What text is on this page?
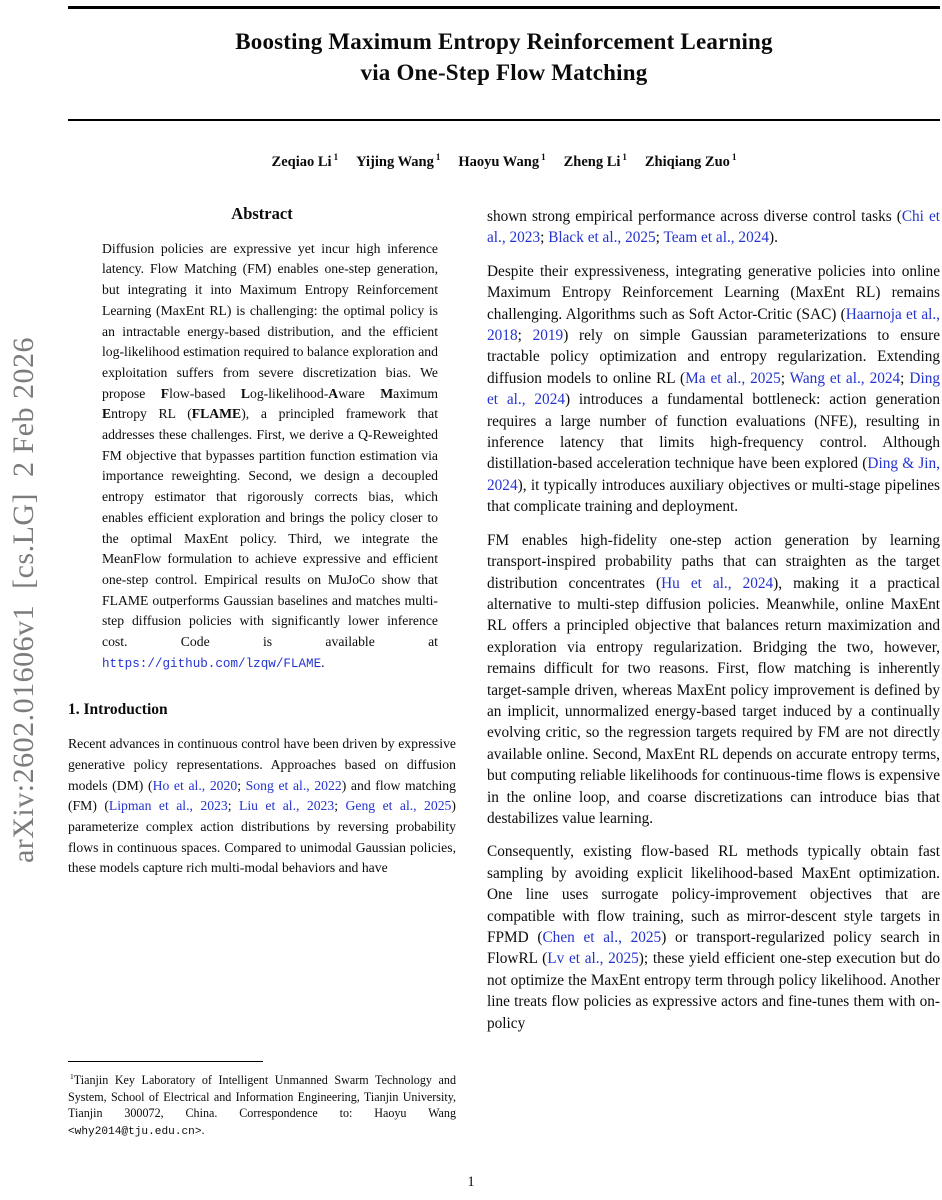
arXiv:2602.01606v1  [cs.LG]  2 Feb 2026
Boosting Maximum Entropy Reinforcement Learning
via One-Step Flow Matching
Zeqiao Li $^1$ Yijing Wang $^1$ Haoyu Wang $^1$ Zheng Li $^1$ Zhiqiang Zuo $^1$
Abstract
Diffusion policies are expressive yet incur high inference latency. Flow Matching (FM) enables one-step generation, but integrating it into Maximum Entropy Reinforcement Learning (MaxEnt RL) is challenging: the optimal policy is an intractable energy-based distribution, and the efficient log-likelihood estimation required to balance exploration and exploitation suffers from severe discretization bias. We propose Flow-based Log-likelihood-Aware Maximum Entropy RL (FLAME), a principled framework that addresses these challenges. First, we derive a Q-Reweighted FM objective that bypasses partition function estimation via importance reweighting. Second, we design a decoupled entropy estimator that rigorously corrects bias, which enables efficient exploration and brings the policy closer to the optimal MaxEnt policy. Third, we integrate the MeanFlow formulation to achieve expressive and efficient one-step control. Empirical results on MuJoCo show that FLAME outperforms Gaussian baselines and matches multi-step diffusion policies with significantly lower inference cost. Code is available at https://github.com/lzqw/FLAME.
1. Introduction

Recent advances in continuous control have been driven by expressive generative policy representations. Approaches based on diffusion models (DM) (Ho et al., 2020; Song et al., 2022) and flow matching (FM) (Lipman et al., 2023; Liu et al., 2023; Geng et al., 2025) parameterize complex action distributions by reversing probability flows in continuous spaces. Compared to unimodal Gaussian policies, these models capture rich multi-modal behaviors and have

shown strong empirical performance across diverse control tasks (Chi et al., 2023; Black et al., 2025; Team et al., 2024).

Despite their expressiveness, integrating generative policies into online Maximum Entropy Reinforcement Learning (MaxEnt RL) remains challenging. Algorithms such as Soft Actor-Critic (SAC) (Haarnoja et al., 2018; 2019) rely on simple Gaussian parameterizations to ensure tractable policy optimization and entropy regularization. Extending diffusion models to online RL (Ma et al., 2025; Wang et al., 2024; Ding et al., 2024) introduces a fundamental bottleneck: action generation requires a large number of function evaluations (NFE), resulting in inference latency that limits high-frequency control. Although distillation-based acceleration technique have been explored (Ding & Jin, 2024), it typically introduces auxiliary objectives or multi-stage pipelines that complicate training and deployment.

FM enables high-fidelity one-step action generation by learning transport-inspired probability paths that can straighten as the target distribution concentrates (Hu et al., 2024), making it a practical alternative to multi-step diffusion policies. Meanwhile, online MaxEnt RL offers a principled objective that balances return maximization and exploration via entropy regularization. Bridging the two, however, remains difficult for two reasons. First, flow matching is inherently target-sample driven, whereas MaxEnt policy improvement is defined by an implicit, unnormalized energy-based target induced by a continually evolving critic, so the regression targets required by FM are not directly available online. Second, MaxEnt RL depends on accurate entropy terms, but computing reliable likelihoods for continuous-time flows is expensive in the online loop, and coarse discretizations can introduce bias that destabilizes value learning.

Consequently, existing flow-based RL methods typically obtain fast sampling by avoiding explicit likelihood-based MaxEnt optimization. One line uses surrogate policy-improvement objectives that are compatible with flow training, such as mirror-descent style targets in FPMD (Chen et al., 2025) or transport-regularized policy search in FlowRL (Lv et al., 2025); these yield efficient one-step execution but do not optimize the MaxEnt entropy term through policy likelihood. Another line treats flow policies as expressive actors and fine-tunes them with on-policy

$^1$Tianjin Key Laboratory of Intelligent Unmanned Swarm Technology and System, School of Electrical and Information Engineering, Tianjin University, Tianjin 300072, China. Correspondence to: Haoyu Wang <why2014@tju.edu.cn>.
1
